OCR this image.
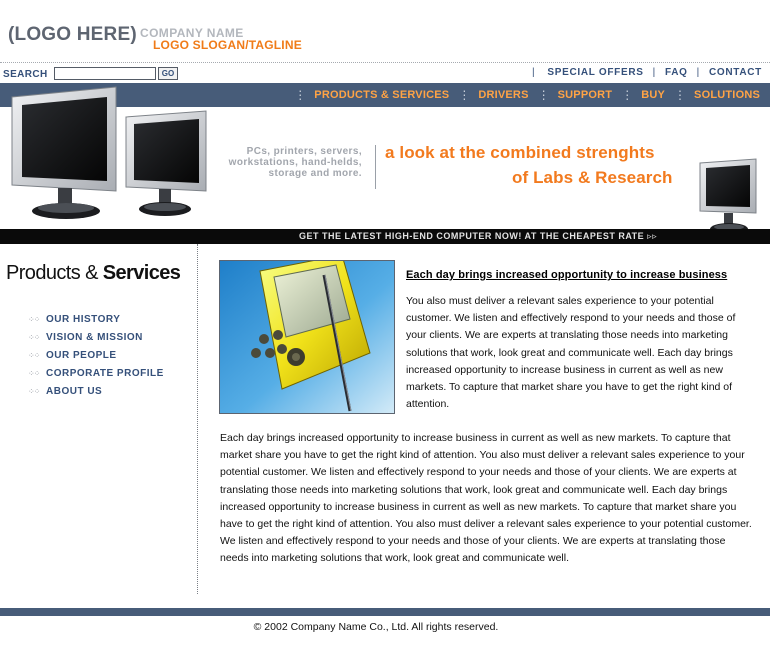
(LOGO HERE) COMPANY NAME
LOGO SLOGAN/TAGLINE
SEARCH	GO	|	SPECIAL OFFERS | FAQ | CONTACT
⋮ PRODUCTS & SERVICES ⋮ DRIVERS ⋮ SUPPORT ⋮ BUY ⋮ SOLUTIONS
PCs, printers, servers, workstations, hand-helds, storage and more.
a look at the combined strenghts
of Labs & Research
GET THE LATEST HIGH-END COMPUTER NOW! AT THE CHEAPEST RATE ▹▹
Products & Services
⁘⁘ OUR HISTORY
⁘⁘ VISION & MISSION
⁘⁘ OUR PEOPLE
⁘⁘ CORPORATE PROFILE
⁘⁘ ABOUT US
Each day brings increased opportunity to increase business

You also must deliver a relevant sales experience to your potential customer. We listen and effectively respond to your needs and those of your clients. We are experts at translating those needs into marketing solutions that work, look great and communicate well. Each day brings increased opportunity to increase business in current as well as new markets. To capture that market share you have to get the right kind of attention.

Each day brings increased opportunity to increase business in current as well as new markets. To capture that market share you have to get the right kind of attention. You also must deliver a relevant sales experience to your potential customer. We listen and effectively respond to your needs and those of your clients. We are experts at translating those needs into marketing solutions that work, look great and communicate well. Each day brings increased opportunity to increase business in current as well as new markets. To capture that market share you have to get the right kind of attention. You also must deliver a relevant sales experience to your potential customer. We listen and effectively respond to your needs and those of your clients. We are experts at translating those needs into marketing solutions that work, look great and communicate well.

© 2002 Company Name Co., Ltd. All rights reserved.
